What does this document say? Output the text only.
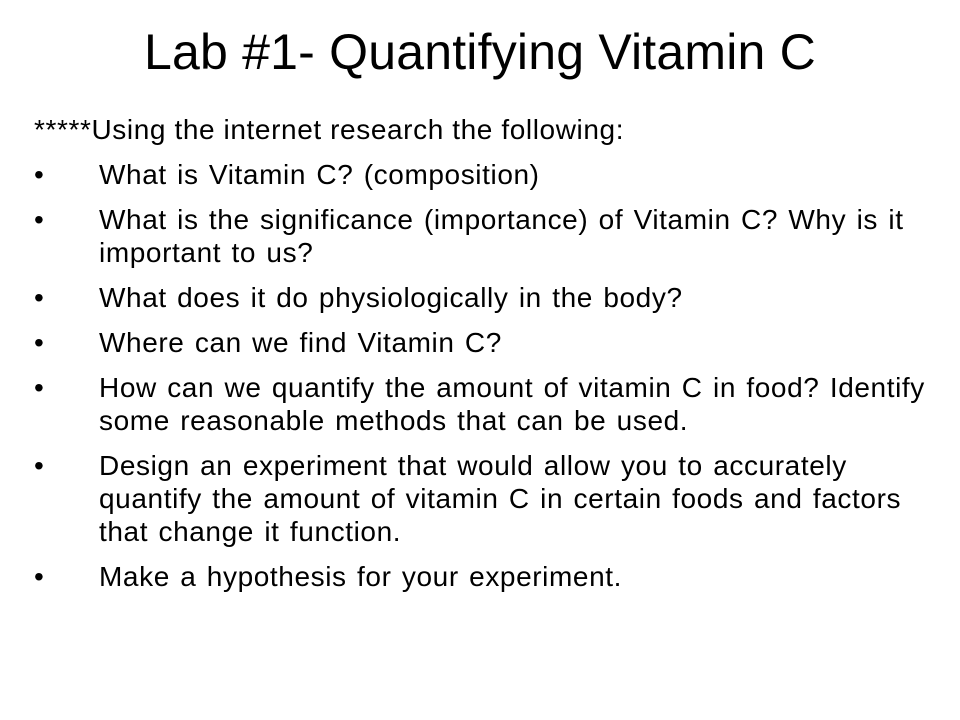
Lab #1- Quantifying Vitamin C

*****Using the internet research the following:

•	What is Vitamin C? (composition)
•	What is the significance (importance) of Vitamin C? Why is it important to us?
•	What does it do physiologically in the body?
•	Where can we find Vitamin C?
•	How can we quantify the amount of vitamin C in food? Identify some reasonable methods that can be used.
•	Design an experiment that would allow you to accurately quantify the amount of vitamin C in certain foods and factors that change it function.
•	Make a hypothesis for your experiment.
